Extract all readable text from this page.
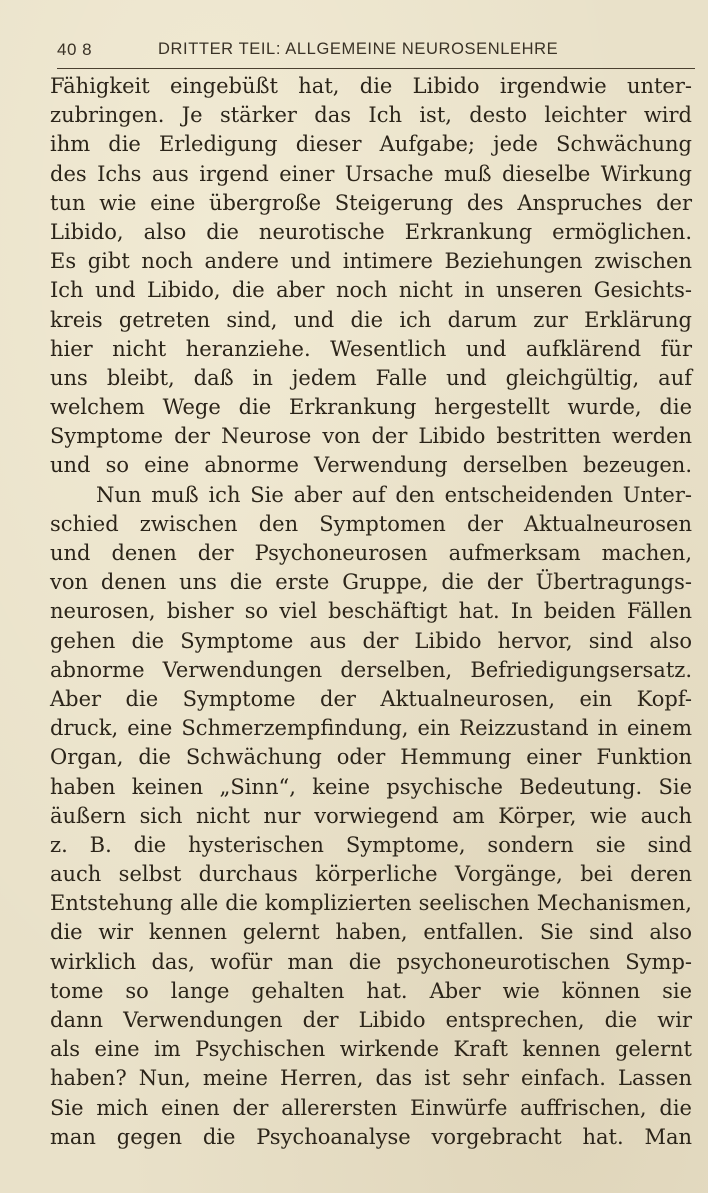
40 8	DRITTER TEIL: ALLGEMEINE NEUROSENLEHRE
Fähigkeit eingebüßt hat, die Libido irgendwie unter-
zubringen. Je stärker das Ich ist, desto leichter wird
ihm die Erledigung dieser Aufgabe; jede Schwächung
des Ichs aus irgend einer Ursache muß dieselbe Wirkung
tun wie eine übergroße Steigerung des Anspruches der
Libido, also die neurotische Erkrankung ermöglichen.
Es gibt noch andere und intimere Beziehungen zwischen
Ich und Libido, die aber noch nicht in unseren Gesichts-
kreis getreten sind, und die ich darum zur Erklärung
hier nicht heranziehe. Wesentlich und aufklärend für
uns bleibt, daß in jedem Falle und gleichgültig, auf
welchem Wege die Erkrankung hergestellt wurde, die
Symptome der Neurose von der Libido bestritten werden
und so eine abnorme Verwendung derselben bezeugen.
Nun muß ich Sie aber auf den entscheidenden Unter-
schied zwischen den Symptomen der Aktualneurosen
und denen der Psychoneurosen aufmerksam machen,
von denen uns die erste Gruppe, die der Übertragungs-
neurosen, bisher so viel beschäftigt hat. In beiden Fällen
gehen die Symptome aus der Libido hervor, sind also
abnorme Verwendungen derselben, Befriedigungsersatz.
Aber die Symptome der Aktualneurosen, ein Kopf-
druck, eine Schmerzempfindung, ein Reizzustand in einem
Organ, die Schwächung oder Hemmung einer Funktion
haben keinen „Sinn“, keine psychische Bedeutung. Sie
äußern sich nicht nur vorwiegend am Körper, wie auch
z. B. die hysterischen Symptome, sondern sie sind
auch selbst durchaus körperliche Vorgänge, bei deren
Entstehung alle die komplizierten seelischen Mechanismen,
die wir kennen gelernt haben, entfallen. Sie sind also
wirklich das, wofür man die psychoneurotischen Symp-
tome so lange gehalten hat. Aber wie können sie
dann Verwendungen der Libido entsprechen, die wir
als eine im Psychischen wirkende Kraft kennen gelernt
haben? Nun, meine Herren, das ist sehr einfach. Lassen
Sie mich einen der allerersten Einwürfe auffrischen, die
man gegen die Psychoanalyse vorgebracht hat. Man
